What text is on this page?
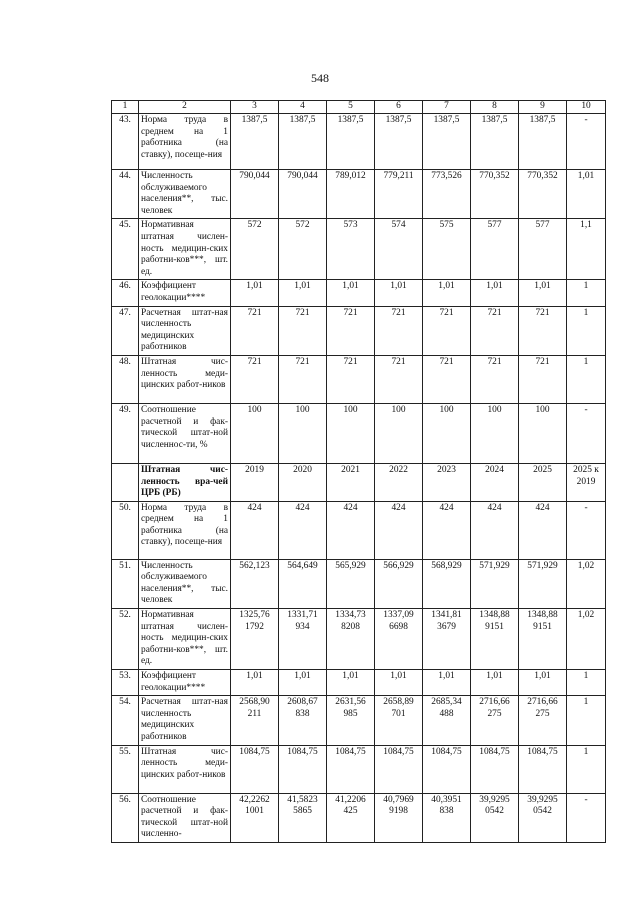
548
1	2	3	4	5	6	7	8	9	10
43.	Норма труда в среднем на 1 работника (на ставку), посеще-ния	1387,5	1387,5	1387,5	1387,5	1387,5	1387,5	1387,5	-
44.	Численность обслуживаемого населения**, тыс. человек	790,044	790,044	789,012	779,211	773,526	770,352	770,352	1,01
45.	Нормативная штатная числен-ность медицин-ских работни-ков***, шт. ед.	572	572	573	574	575	577	577	1,1
46.	Коэффициент геолокации****	1,01	1,01	1,01	1,01	1,01	1,01	1,01	1
47.	Расчетная штат-ная численность медицинских работников	721	721	721	721	721	721	721	1
48.	Штатная чис-ленность меди-цинских работ-ников	721	721	721	721	721	721	721	1
49.	Соотношение расчетной и фак-тической штат-ной численнос-ти, %	100	100	100	100	100	100	100	-
	Штатная чис-ленность вра-чей ЦРБ (РБ)	2019	2020	2021	2022	2023	2024	2025	2025 к 2019
50.	Норма труда в среднем на 1 работника (на ставку), посеще-ния	424	424	424	424	424	424	424	-
51.	Численность обслуживаемого населения**, тыс. человек	562,123	564,649	565,929	566,929	568,929	571,929	571,929	1,02
52.	Нормативная штатная числен-ность медицин-ских работни-ков***, шт. ед.	1325,76 1792	1331,71 934	1334,73 8208	1337,09 6698	1341,81 3679	1348,88 9151	1348,88 9151	1,02
53.	Коэффициент геолокации****	1,01	1,01	1,01	1,01	1,01	1,01	1,01	1
54.	Расчетная штат-ная численность медицинских работников	2568,90 211	2608,67 838	2631,56 985	2658,89 701	2685,34 488	2716,66 275	2716,66 275	1
55.	Штатная чис-ленность меди-цинских работ-ников	1084,75	1084,75	1084,75	1084,75	1084,75	1084,75	1084,75	1
56.	Соотношение расчетной и фак-тической штат-ной численно-	42,2262 1001	41,5823 5865	41,2206 425	40,7969 9198	40,3951 838	39,9295 0542	39,9295 0542	-
